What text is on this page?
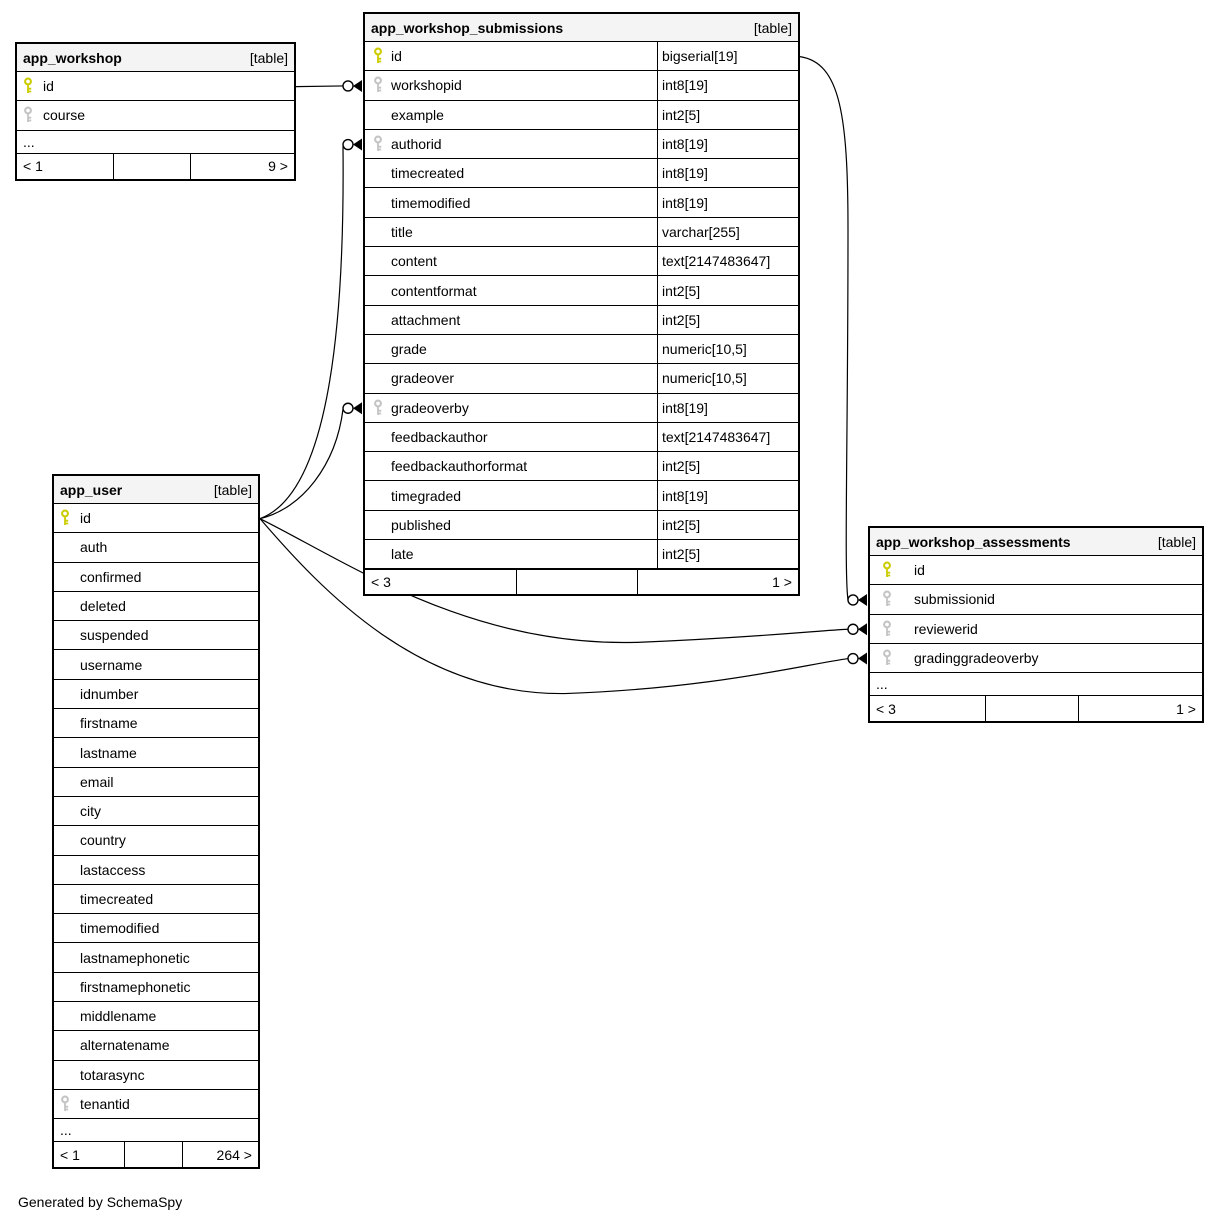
Generated by SchemaSpy
app_workshop	[table]
id
course
...
< 1	9 >
app_workshop_submissions	[table]
id	bigserial[19]
workshopid	int8[19]
example	int2[5]
authorid	int8[19]
timecreated	int8[19]
timemodified	int8[19]
title	varchar[255]
content	text[2147483647]
contentformat	int2[5]
attachment	int2[5]
grade	numeric[10,5]
gradeover	numeric[10,5]
gradeoverby	int8[19]
feedbackauthor	text[2147483647]
feedbackauthorformat	int2[5]
timegraded	int8[19]
published	int2[5]
late	int2[5]
< 3	1 >
app_user	[table]
id
auth
confirmed
deleted
suspended
username
idnumber
firstname
lastname
email
city
country
lastaccess
timecreated
timemodified
lastnamephonetic
firstnamephonetic
middlename
alternatename
totarasync
tenantid
...
< 1	264 >
app_workshop_assessments	[table]
id
submissionid
reviewerid
gradinggradeoverby
...
< 3	1 >
